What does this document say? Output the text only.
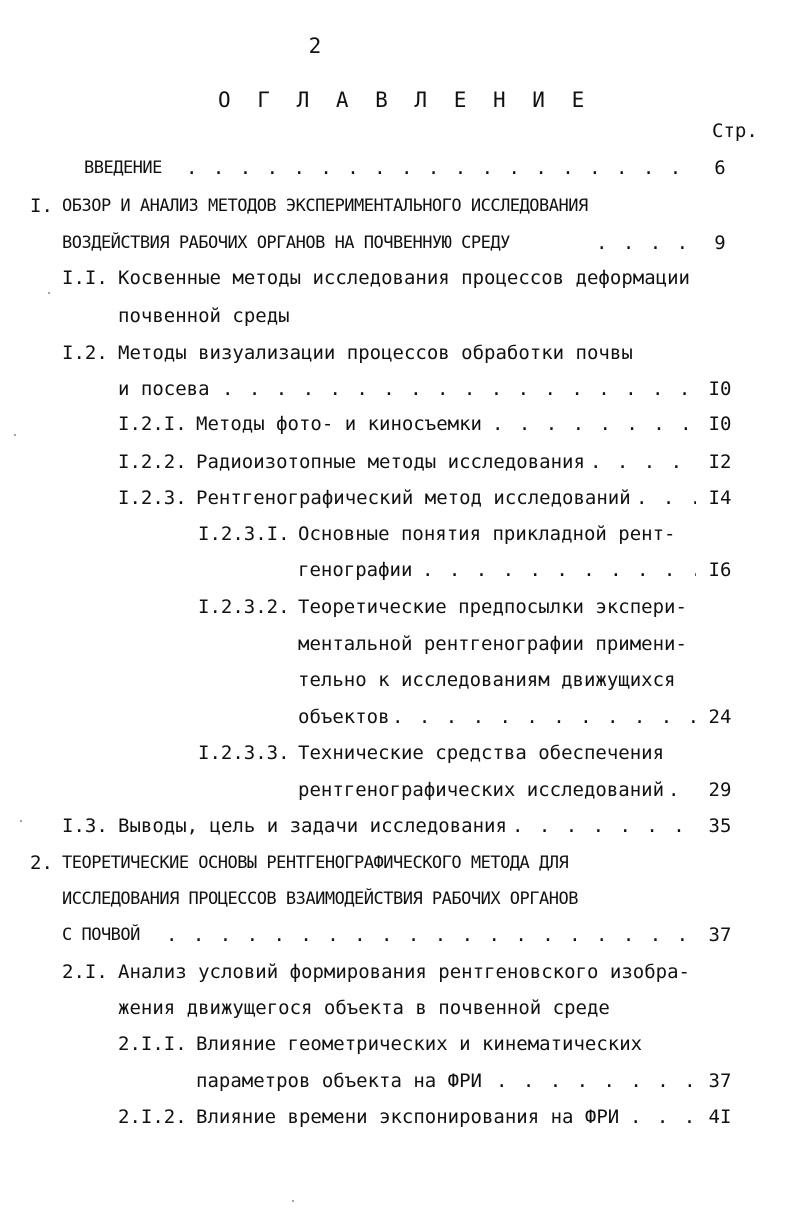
2
О Г Л А В Л Е Н И Е
Стр.
ВВЕДЕНИЕ . . .	6
I. ОБЗОР И АНАЛИЗ МЕТОДОВ ЭКСПЕРИМЕНТАЛЬНОГО ИССЛЕДОВАНИЯ
ВОЗДЕЙСТВИЯ РАБОЧИХ ОРГАНОВ НА ПОЧВЕННУЮ СРЕДУ . . .	9
I.I. Косвенные методы исследования процессов деформации
почвенной среды
I.2. Методы визуализации процессов обработки почвы
и посева . . .	I0
I.2.I. Методы фото- и киносъемки . . .	I0
I.2.2. Радиоизотопные методы исследования . . .	I2
I.2.3. Рентгенографический метод исследований . . .	I4
I.2.3.I. Основные понятия прикладной рент-
генографии . . .	I6
I.2.3.2. Теоретические предпосылки экспери-
ментальной рентгенографии примени-
тельно к исследованиям движущихся
объектов . . .	24
I.2.3.3. Технические средства обеспечения
рентгенографических исследований . . .	29
I.3. Выводы, цель и задачи исследования . . .	35
2. ТЕОРЕТИЧЕСКИЕ ОСНОВЫ РЕНТГЕНОГРАФИЧЕСКОГО МЕТОДА ДЛЯ
ИССЛЕДОВАНИЯ ПРОЦЕССОВ ВЗАИМОДЕЙСТВИЯ РАБОЧИХ ОРГАНОВ
С ПОЧВОЙ . . .	37
2.I. Анализ условий формирования рентгеновского изобра-
жения движущегося объекта в почвенной среде
2.I.I. Влияние геометрических и кинематических
параметров объекта на ФРИ . . .	37
2.I.2. Влияние времени экспонирования на ФРИ . . .	4I
